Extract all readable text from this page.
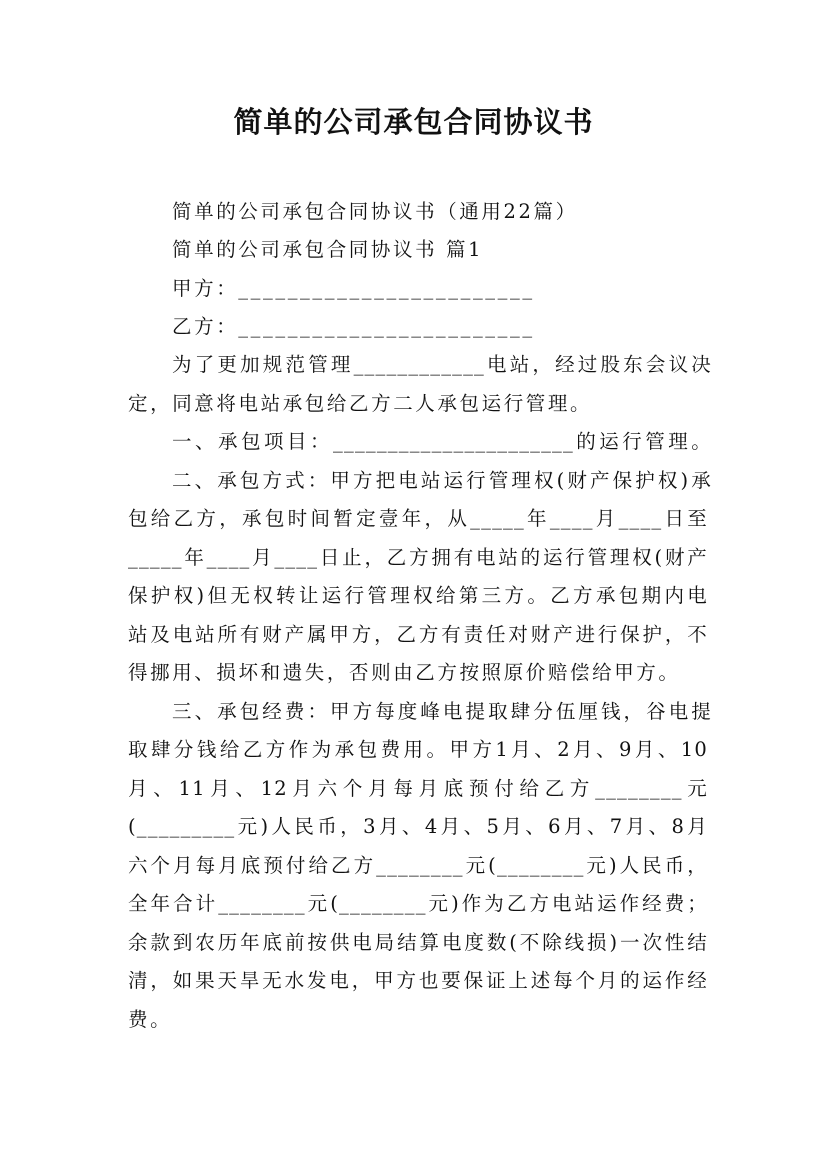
简单的公司承包合同协议书
简单的公司承包合同协议书（通用22篇）
简单的公司承包合同协议书 篇1
甲方：________________________
乙方：________________________
为了更加规范管理____________电站，经过股东会议决
定，同意将电站承包给乙方二人承包运行管理。
一、承包项目：______________________的运行管理。
二、承包方式：甲方把电站运行管理权(财产保护权)承
包给乙方，承包时间暂定壹年，从_____年____月____日至
_____年____月____日止，乙方拥有电站的运行管理权(财产
保护权)但无权转让运行管理权给第三方。乙方承包期内电
站及电站所有财产属甲方，乙方有责任对财产进行保护，不
得挪用、损坏和遗失，否则由乙方按照原价赔偿给甲方。
三、承包经费：甲方每度峰电提取肆分伍厘钱，谷电提
取肆分钱给乙方作为承包费用。甲方1月、2月、9月、10
月、11月、12月六个月每月底预付给乙方________元
(_________元)人民币，3月、4月、5月、6月、7月、8月
六个月每月底预付给乙方________元(________元)人民币，
全年合计________元(________元)作为乙方电站运作经费；
余款到农历年底前按供电局结算电度数(不除线损)一次性结
清，如果天旱无水发电，甲方也要保证上述每个月的运作经
费。
